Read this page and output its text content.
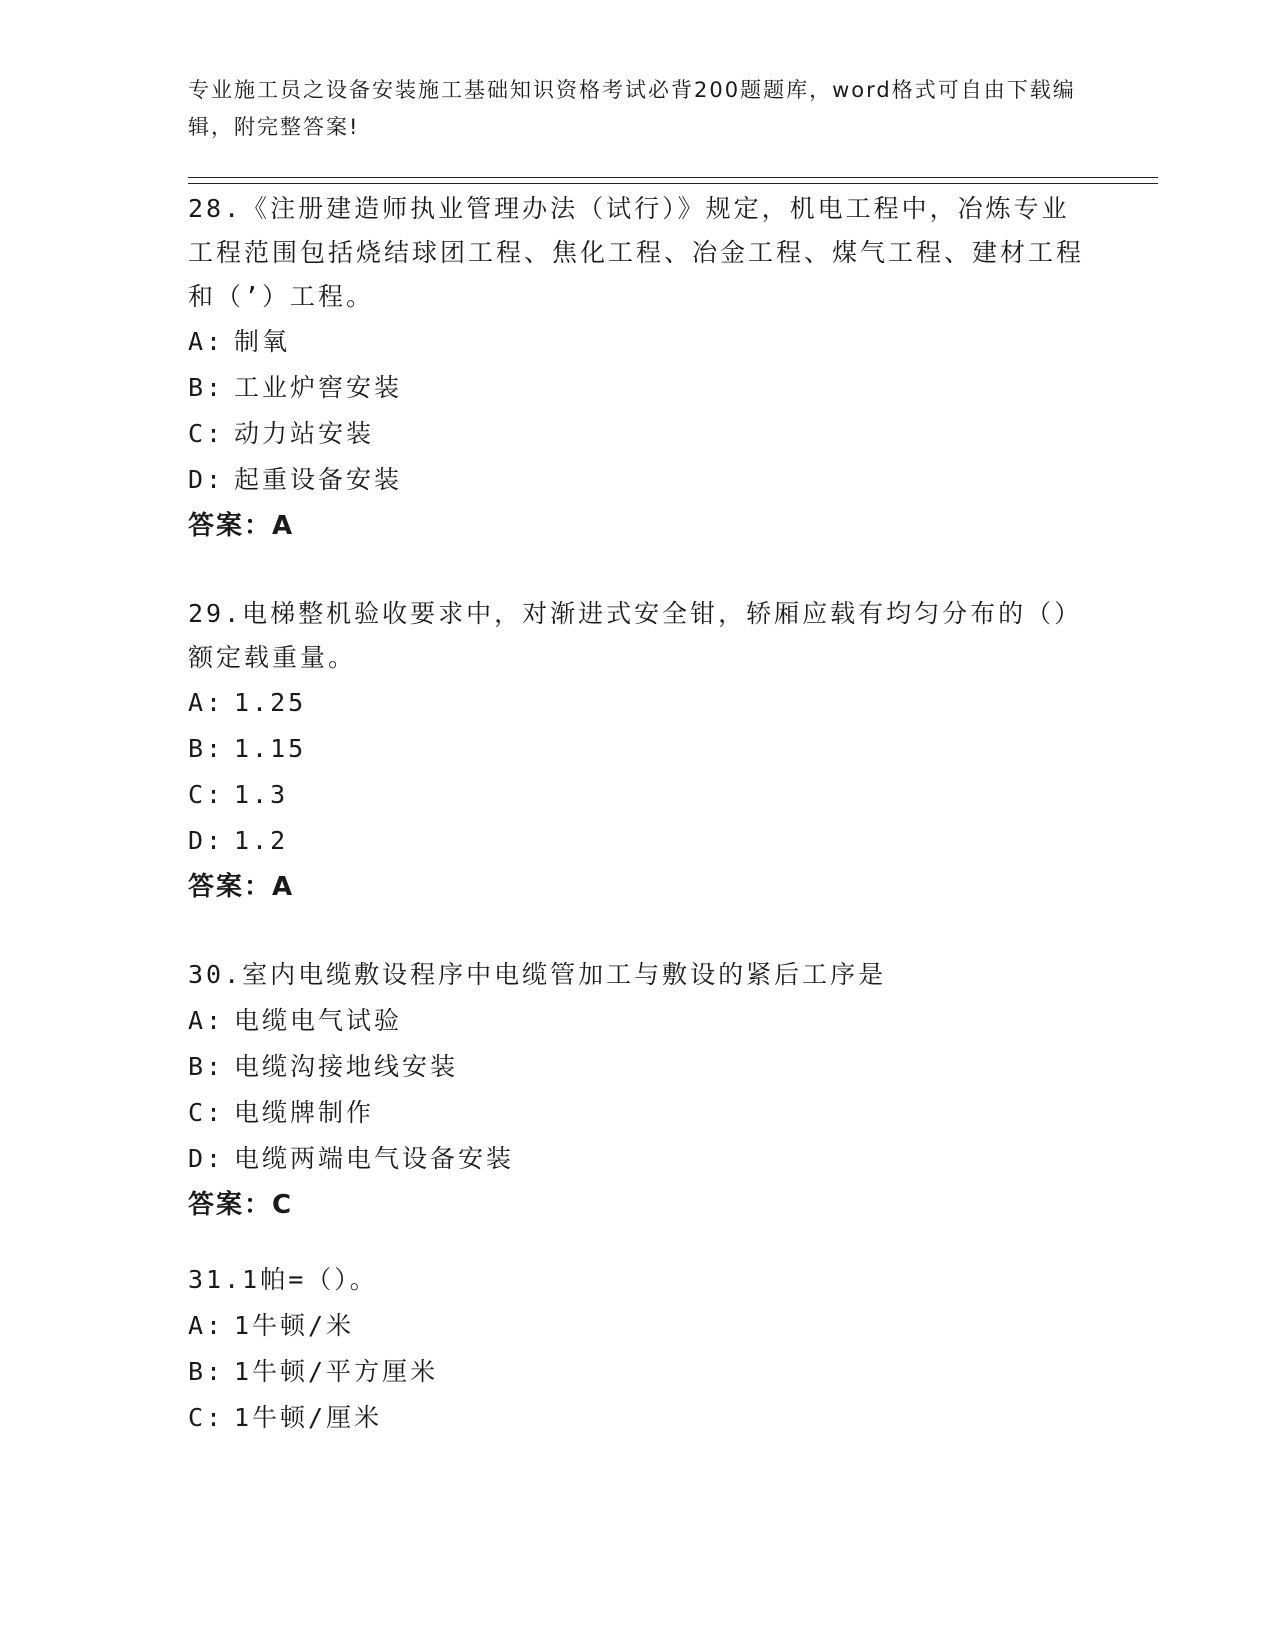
专业施工员之设备安装施工基础知识资格考试必背200题题库，word格式可自由下载编辑，附完整答案!
28.《注册建造师执业管理办法（试行）》规定，机电工程中，冶炼专业工程范围包括烧结球团工程、焦化工程、冶金工程、煤气工程、建材工程和（’）工程。
A: 制氧
B: 工业炉窖安装
C: 动力站安装
D: 起重设备安装
答案：A
29.电梯整机验收要求中，对渐进式安全钳，轿厢应载有均匀分布的（）额定载重量。
A: 1.25
B: 1.15
C: 1.3
D: 1.2
答案：A
30.室内电缆敷设程序中电缆管加工与敷设的紧后工序是
A: 电缆电气试验
B: 电缆沟接地线安装
C: 电缆牌制作
D: 电缆两端电气设备安装
答案：C
31.1帕=（）。
A: 1牛顿/米
B: 1牛顿/平方厘米
C: 1牛顿/厘米
